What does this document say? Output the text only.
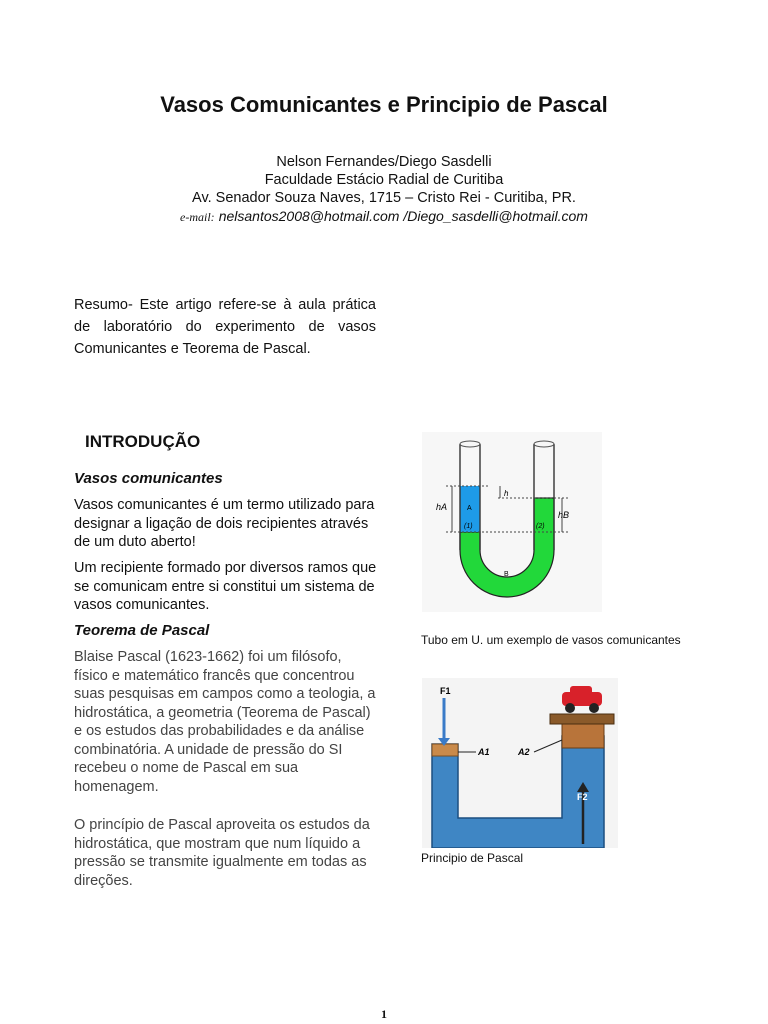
Vasos Comunicantes e Principio de Pascal
Nelson Fernandes/Diego Sasdelli
Faculdade Estácio Radial de Curitiba
Av. Senador Souza Naves, 1715 – Cristo Rei - Curitiba, PR.
e-mail: nelsantos2008@hotmail.com /Diego_sasdelli@hotmail.com
Resumo- Este artigo refere-se à aula prática de laboratório do experimento de vasos Comunicantes e Teorema de Pascal.
INTRODUÇÃO
Vasos comunicantes
Vasos comunicantes é um termo utilizado para designar a ligação de dois recipientes através de um duto aberto!
Um recipiente formado por diversos ramos que se comunicam entre si constitui um sistema de vasos comunicantes.
Teorema de Pascal
Blaise Pascal (1623-1662) foi um filósofo, físico e matemático francês que concentrou suas pesquisas em campos como a teologia, a hidrostática, a geometria (Teorema de Pascal) e os estudos das probabilidades e da análise combinatória. A unidade de pressão do SI recebeu o nome de Pascal em sua homenagem.
O princípio de Pascal aproveita os estudos da hidrostática, que mostram que num líquido a pressão se transmite igualmente em todas as direções.
hA
h
hB
A
(1)	(2)
B
Tubo em U. um exemplo de vasos comunicantes
F1
F2
A1	A2
Principio de Pascal
1
